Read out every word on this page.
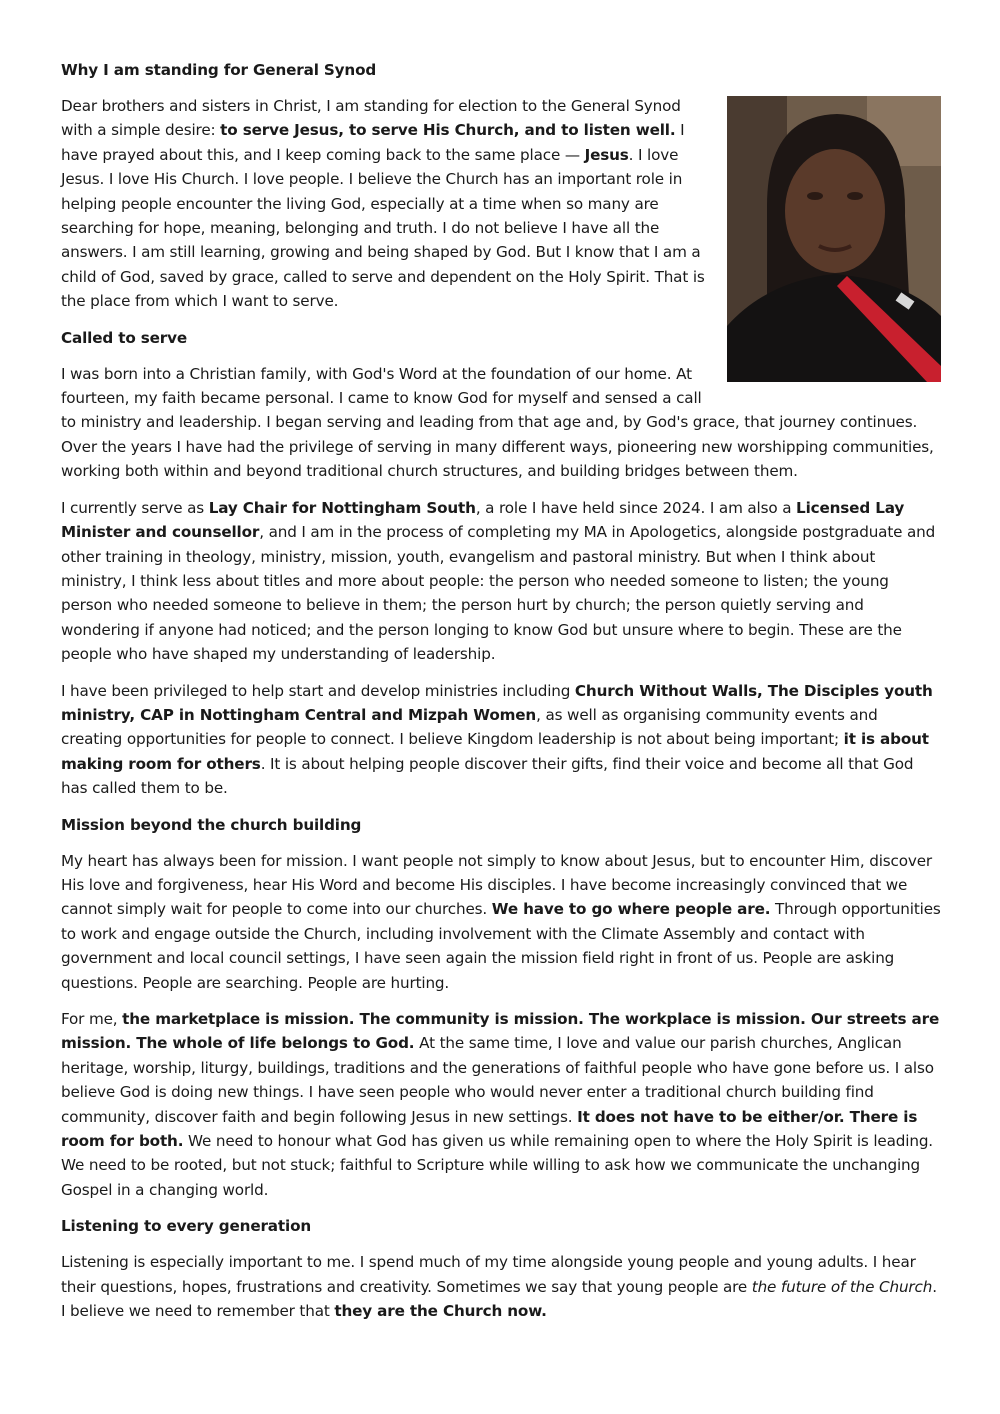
Why I am standing for General Synod

Dear brothers and sisters in Christ, I am standing for election to the General Synod with a simple desire: to serve Jesus, to serve His Church, and to listen well. I have prayed about this, and I keep coming back to the same place — Jesus. I love Jesus. I love His Church. I love people. I believe the Church has an important role in helping people encounter the living God, especially at a time when so many are searching for hope, meaning, belonging and truth. I do not believe I have all the answers. I am still learning, growing and being shaped by God. But I know that I am a child of God, saved by grace, called to serve and dependent on the Holy Spirit. That is the place from which I want to serve.

Called to serve

I was born into a Christian family, with God's Word at the foundation of our home. At fourteen, my faith became personal. I came to know God for myself and sensed a call to ministry and leadership. I began serving and leading from that age and, by God's grace, that journey continues. Over the years I have had the privilege of serving in many different ways, pioneering new worshipping communities, working both within and beyond traditional church structures, and building bridges between them.

I currently serve as Lay Chair for Nottingham South, a role I have held since 2024. I am also a Licensed Lay Minister and counsellor, and I am in the process of completing my MA in Apologetics, alongside postgraduate and other training in theology, ministry, mission, youth, evangelism and pastoral ministry. But when I think about ministry, I think less about titles and more about people: the person who needed someone to listen; the young person who needed someone to believe in them; the person hurt by church; the person quietly serving and wondering if anyone had noticed; and the person longing to know God but unsure where to begin. These are the people who have shaped my understanding of leadership.

I have been privileged to help start and develop ministries including Church Without Walls, The Disciples youth ministry, CAP in Nottingham Central and Mizpah Women, as well as organising community events and creating opportunities for people to connect. I believe Kingdom leadership is not about being important; it is about making room for others. It is about helping people discover their gifts, find their voice and become all that God has called them to be.

Mission beyond the church building

My heart has always been for mission. I want people not simply to know about Jesus, but to encounter Him, discover His love and forgiveness, hear His Word and become His disciples. I have become increasingly convinced that we cannot simply wait for people to come into our churches. We have to go where people are. Through opportunities to work and engage outside the Church, including involvement with the Climate Assembly and contact with government and local council settings, I have seen again the mission field right in front of us. People are asking questions. People are searching. People are hurting.

For me, the marketplace is mission. The community is mission. The workplace is mission. Our streets are mission. The whole of life belongs to God. At the same time, I love and value our parish churches, Anglican heritage, worship, liturgy, buildings, traditions and the generations of faithful people who have gone before us. I also believe God is doing new things. I have seen people who would never enter a traditional church building find community, discover faith and begin following Jesus in new settings. It does not have to be either/or. There is room for both. We need to honour what God has given us while remaining open to where the Holy Spirit is leading. We need to be rooted, but not stuck; faithful to Scripture while willing to ask how we communicate the unchanging Gospel in a changing world.

Listening to every generation

Listening is especially important to me. I spend much of my time alongside young people and young adults. I hear their questions, hopes, frustrations and creativity. Sometimes we say that young people are the future of the Church. I believe we need to remember that they are the Church now.
